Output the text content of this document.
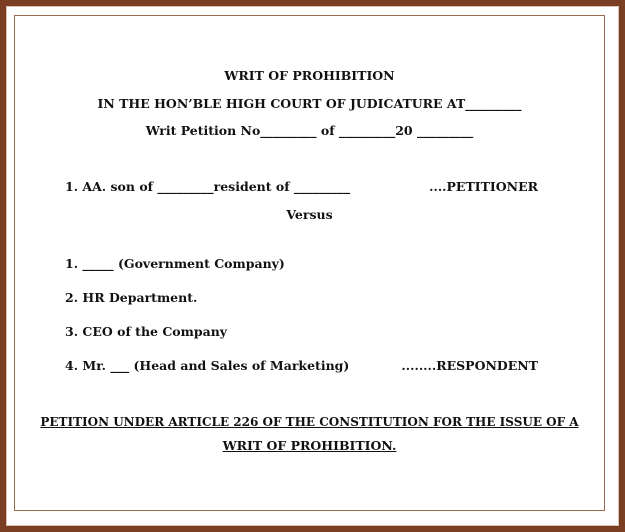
WRIT OF PROHIBITION
IN THE HON’BLE HIGH COURT OF JUDICATURE AT_________
Writ Petition No_________ of _________20 _________
1. AA. son of _________resident of _________	....PETITIONER
Versus
1. _____ (Government Company)
2. HR Department.
3. CEO of the Company
4. Mr. ___ (Head and Sales of Marketing)	........RESPONDENT
PETITION UNDER ARTICLE 226 OF THE CONSTITUTION FOR THE ISSUE OF A
WRIT OF PROHIBITION.
